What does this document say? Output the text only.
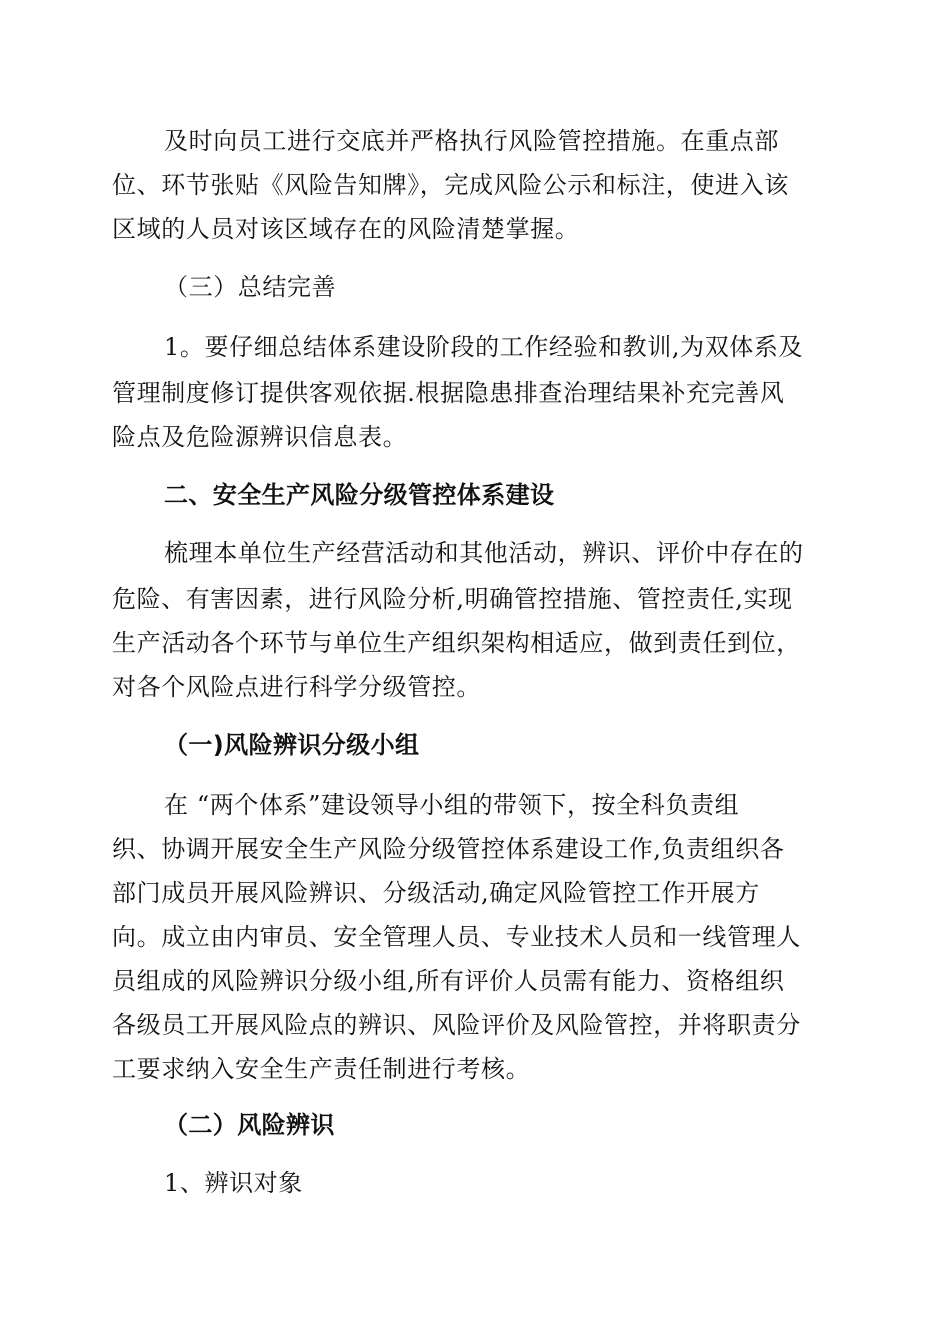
及时向员工进行交底并严格执行风险管控措施。在重点部
位、环节张贴《风险告知牌》，完成风险公示和标注，使进入该
区域的人员对该区域存在的风险清楚掌握。
（三）总结完善
1。要仔细总结体系建设阶段的工作经验和教训,为双体系及
管理制度修订提供客观依据.根据隐患排查治理结果补充完善风
险点及危险源辨识信息表。
二、安全生产风险分级管控体系建设
梳理本单位生产经营活动和其他活动，辨识、评价中存在的
危险、有害因素，进行风险分析,明确管控措施、管控责任,实现
生产活动各个环节与单位生产组织架构相适应，做到责任到位，
对各个风险点进行科学分级管控。
（一)风险辨识分级小组
在 “两个体系”建设领导小组的带领下，按全科负责组
织、协调开展安全生产风险分级管控体系建设工作,负责组织各
部门成员开展风险辨识、分级活动,确定风险管控工作开展方
向。成立由内审员、安全管理人员、专业技术人员和一线管理人
员组成的风险辨识分级小组,所有评价人员需有能力、资格组织
各级员工开展风险点的辨识、风险评价及风险管控，并将职责分
工要求纳入安全生产责任制进行考核。
（二）风险辨识
1、辨识对象
